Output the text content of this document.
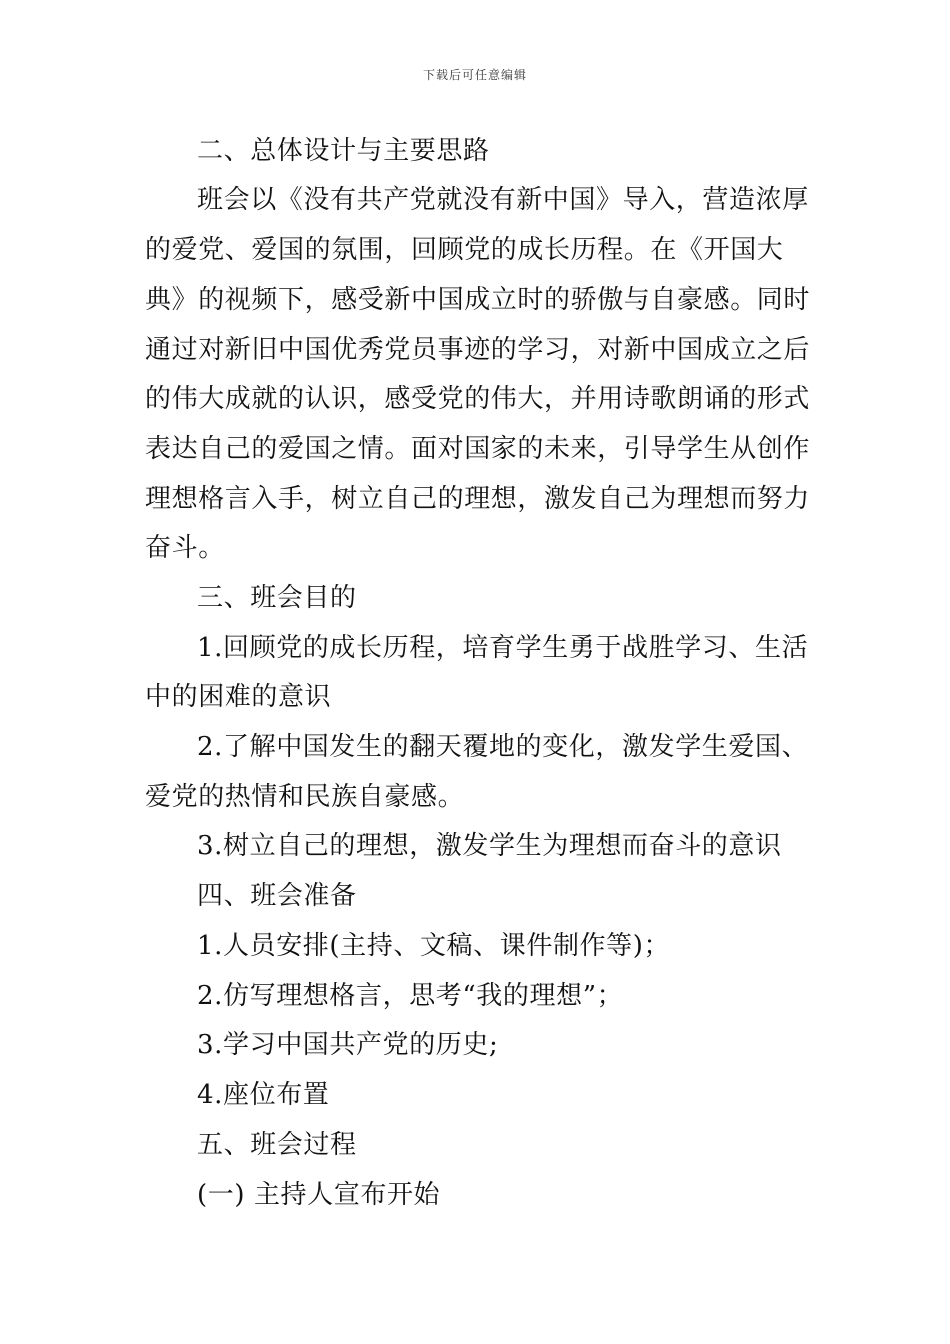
下载后可任意编辑
二、总体设计与主要思路
班会以《没有共产党就没有新中国》导入，营造浓厚
的爱党、爱国的氛围，回顾党的成长历程。在《开国大
典》的视频下，感受新中国成立时的骄傲与自豪感。同时
通过对新旧中国优秀党员事迹的学习，对新中国成立之后
的伟大成就的认识，感受党的伟大，并用诗歌朗诵的形式
表达自己的爱国之情。面对国家的未来，引导学生从创作
理想格言入手，树立自己的理想，激发自己为理想而努力
奋斗。
三、班会目的
1.回顾党的成长历程，培育学生勇于战胜学习、生活
中的困难的意识
2.了解中国发生的翻天覆地的变化，激发学生爱国、
爱党的热情和民族自豪感。
3.树立自己的理想，激发学生为理想而奋斗的意识
四、班会准备
1.人员安排(主持、文稿、课件制作等)；
2.仿写理想格言，思考“我的理想”；
3.学习中国共产党的历史;
4.座位布置
五、班会过程
(一) 主持人宣布开始
